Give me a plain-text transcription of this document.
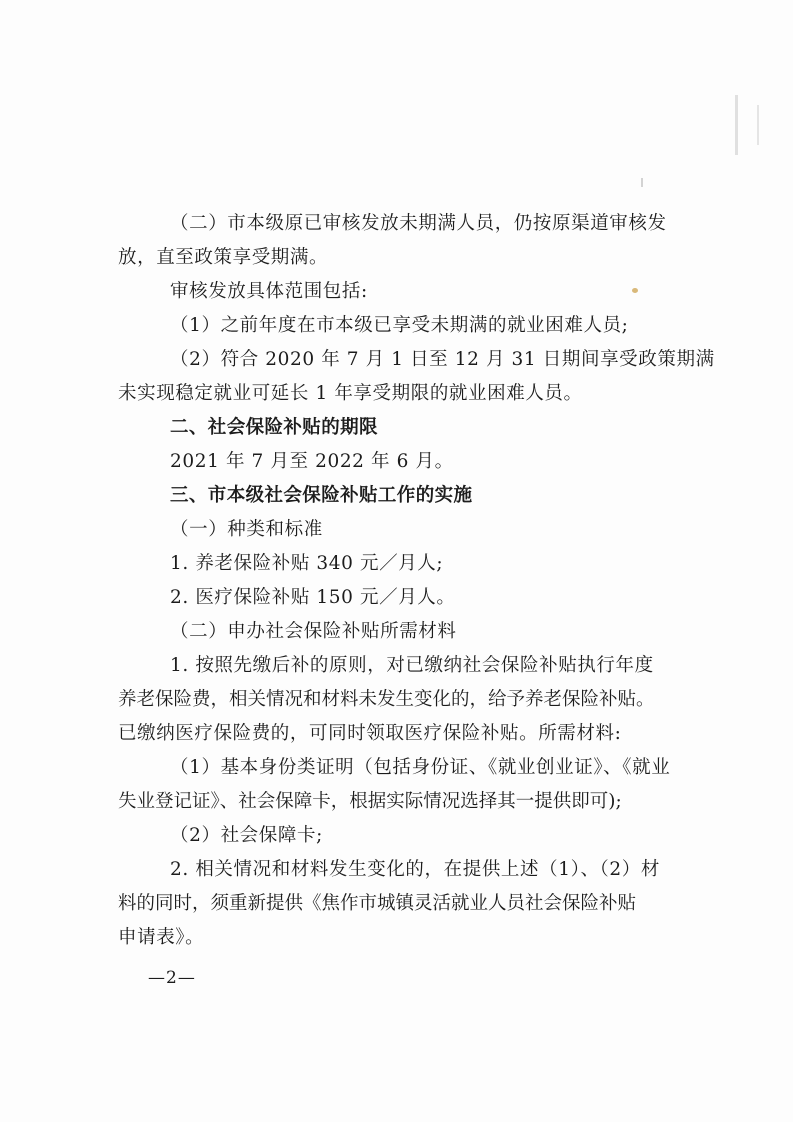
（二）市本级原已审核发放未期满人员，仍按原渠道审核发
放，直至政策享受期满。
审核发放具体范围包括:
（1）之前年度在市本级已享受未期满的就业困难人员;
（2）符合 2020 年 7 月 1 日至 12 月 31 日期间享受政策期满
未实现稳定就业可延长 1 年享受期限的就业困难人员。
二、社会保险补贴的期限
2021 年 7 月至 2022 年 6 月。
三、市本级社会保险补贴工作的实施
（一）种类和标准
1. 养老保险补贴 340 元／月人;
2. 医疗保险补贴 150 元／月人。
（二）申办社会保险补贴所需材料
1. 按照先缴后补的原则，对已缴纳社会保险补贴执行年度
养老保险费，相关情况和材料未发生变化的，给予养老保险补贴。
已缴纳医疗保险费的，可同时领取医疗保险补贴。所需材料:
（1）基本身份类证明（包括身份证、《就业创业证》、《就业
失业登记证》、社会保障卡，根据实际情况选择其一提供即可);
（2）社会保障卡;
2. 相关情况和材料发生变化的，在提供上述（1）、（2）材
料的同时，须重新提供《焦作市城镇灵活就业人员社会保险补贴
申请表》。
—2—
